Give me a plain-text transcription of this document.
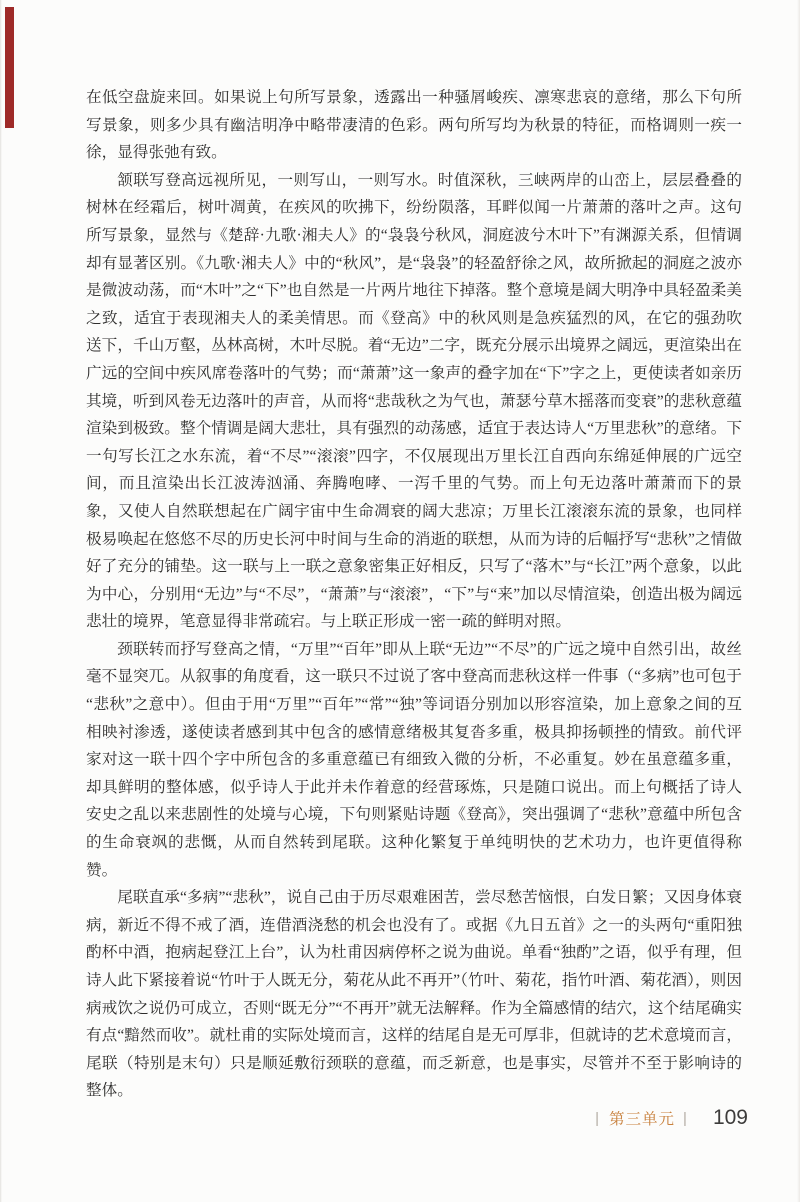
在低空盘旋来回。如果说上句所写景象，透露出一种骚屑峻疾、凛寒悲哀的意绪，那么下句所写景象，则多少具有幽洁明净中略带凄清的色彩。两句所写均为秋景的特征，而格调则一疾一徐，显得张弛有致。

颔联写登高远视所见，一则写山，一则写水。时值深秋，三峡两岸的山峦上，层层叠叠的树林在经霜后，树叶凋黄，在疾风的吹拂下，纷纷陨落，耳畔似闻一片萧萧的落叶之声。这句所写景象，显然与《楚辞·九歌·湘夫人》的“袅袅兮秋风，洞庭波兮木叶下”有渊源关系，但情调却有显著区别。《九歌·湘夫人》中的“秋风”，是“袅袅”的轻盈舒徐之风，故所掀起的洞庭之波亦是微波动荡，而“木叶”之“下”也自然是一片两片地往下掉落。整个意境是阔大明净中具轻盈柔美之致，适宜于表现湘夫人的柔美情思。而《登高》中的秋风则是急疾猛烈的风，在它的强劲吹送下，千山万壑，丛林高树，木叶尽脱。着“无边”二字，既充分展示出境界之阔远，更渲染出在广远的空间中疾风席卷落叶的气势；而“萧萧”这一象声的叠字加在“下”字之上，更使读者如亲历其境，听到风卷无边落叶的声音，从而将“悲哉秋之为气也，萧瑟兮草木摇落而变衰”的悲秋意蕴渲染到极致。整个情调是阔大悲壮，具有强烈的动荡感，适宜于表达诗人“万里悲秋”的意绪。下一句写长江之水东流，着“不尽”“滚滚”四字，不仅展现出万里长江自西向东绵延伸展的广远空间，而且渲染出长江波涛汹涌、奔腾咆哮、一泻千里的气势。而上句无边落叶萧萧而下的景象，又使人自然联想起在广阔宇宙中生命凋衰的阔大悲凉；万里长江滚滚东流的景象，也同样极易唤起在悠悠不尽的历史长河中时间与生命的消逝的联想，从而为诗的后幅抒写“悲秋”之情做好了充分的铺垫。这一联与上一联之意象密集正好相反，只写了“落木”与“长江”两个意象，以此为中心，分别用“无边”与“不尽”，“萧萧”与“滚滚”，“下”与“来”加以尽情渲染，创造出极为阔远悲壮的境界，笔意显得非常疏宕。与上联正形成一密一疏的鲜明对照。

颈联转而抒写登高之情，“万里”“百年”即从上联“无边”“不尽”的广远之境中自然引出，故丝毫不显突兀。从叙事的角度看，这一联只不过说了客中登高而悲秋这样一件事（“多病”也可包于“悲秋”之意中）。但由于用“万里”“百年”“常”“独”等词语分别加以形容渲染，加上意象之间的互相映衬渗透，遂使读者感到其中包含的感情意绪极其复沓多重，极具抑扬顿挫的情致。前代评家对这一联十四个字中所包含的多重意蕴已有细致入微的分析，不必重复。妙在虽意蕴多重，却具鲜明的整体感，似乎诗人于此并未作着意的经营琢炼，只是随口说出。而上句概括了诗人安史之乱以来悲剧性的处境与心境，下句则紧贴诗题《登高》，突出强调了“悲秋”意蕴中所包含的生命衰飒的悲慨，从而自然转到尾联。这种化繁复于单纯明快的艺术功力，也许更值得称赞。

尾联直承“多病”“悲秋”，说自己由于历尽艰难困苦，尝尽愁苦恼恨，白发日繁；又因身体衰病，新近不得不戒了酒，连借酒浇愁的机会也没有了。或据《九日五首》之一的头两句“重阳独酌杯中酒，抱病起登江上台”，认为杜甫因病停杯之说为曲说。单看“独酌”之语，似乎有理，但诗人此下紧接着说“竹叶于人既无分，菊花从此不再开”（竹叶、菊花，指竹叶酒、菊花酒），则因病戒饮之说仍可成立，否则“既无分”“不再开”就无法解释。作为全篇感情的结穴，这个结尾确实有点“黯然而收”。就杜甫的实际处境而言，这样的结尾自是无可厚非，但就诗的艺术意境而言，尾联（特别是末句）只是顺延敷衍颈联的意蕴，而乏新意，也是事实，尽管并不至于影响诗的整体。

| 第三单元 | 109
